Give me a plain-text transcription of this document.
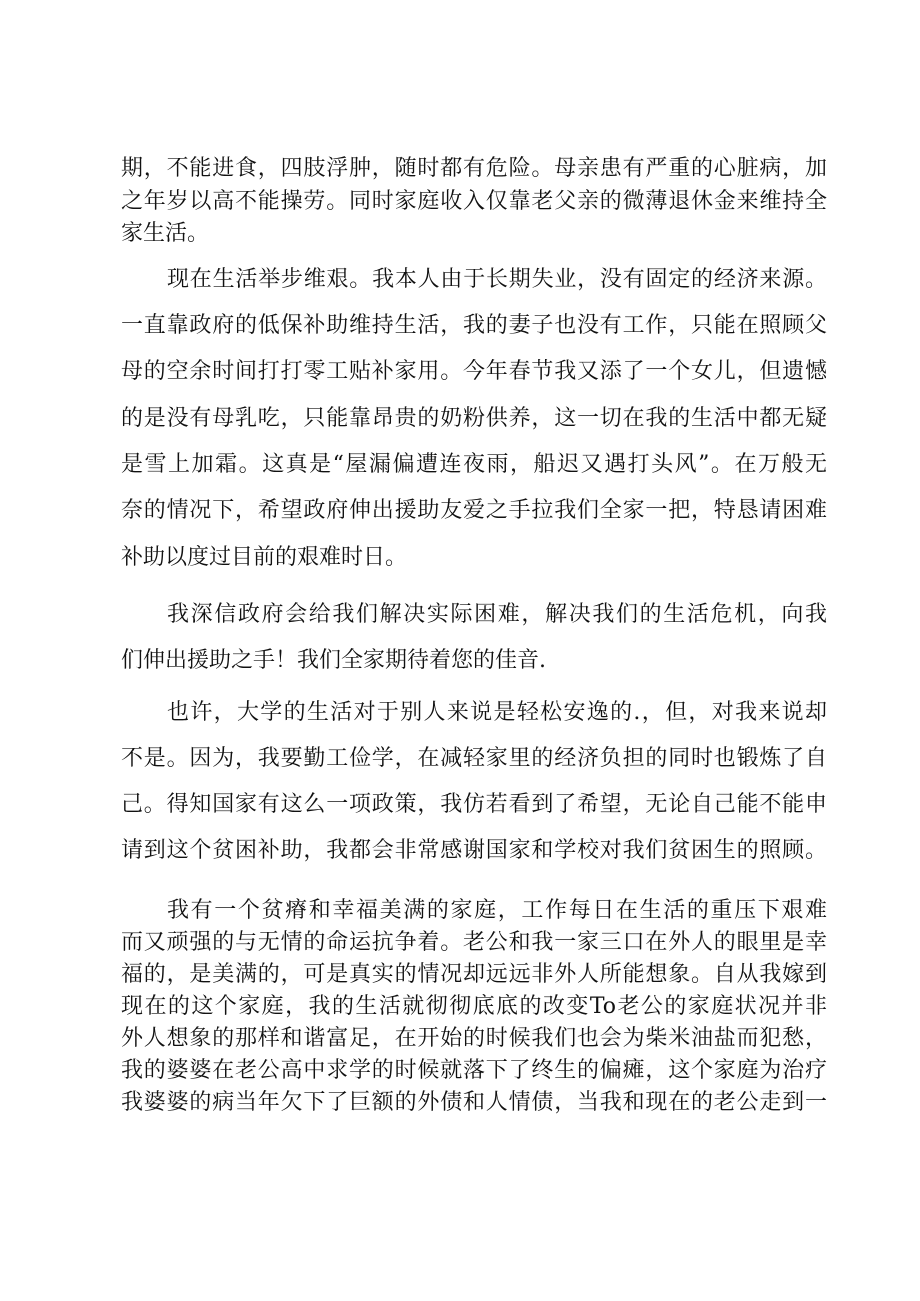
期，不能进食，四肢浮肿，随时都有危险。母亲患有严重的心脏病，加
之年岁以高不能操劳。同时家庭收入仅靠老父亲的微薄退休金来维持全
家生活。
现在生活举步维艰。我本人由于长期失业，没有固定的经济来源。
一直靠政府的低保补助维持生活，我的妻子也没有工作，只能在照顾父
母的空余时间打打零工贴补家用。今年春节我又添了一个女儿，但遗憾
的是没有母乳吃，只能靠昂贵的奶粉供养，这一切在我的生活中都无疑
是雪上加霜。这真是“屋漏偏遭连夜雨，船迟又遇打头风”。在万般无
奈的情况下，希望政府伸出援助友爱之手拉我们全家一把，特恳请困难
补助以度过目前的艰难时日。
我深信政府会给我们解决实际困难，解决我们的生活危机，向我
们伸出援助之手！我们全家期待着您的佳音.
也许，大学的生活对于别人来说是轻松安逸的.，但，对我来说却
不是。因为，我要勤工俭学，在减轻家里的经济负担的同时也锻炼了自
己。得知国家有这么一项政策，我仿若看到了希望，无论自己能不能申
请到这个贫困补助，我都会非常感谢国家和学校对我们贫困生的照顾。
我有一个贫瘠和幸福美满的家庭，工作每日在生活的重压下艰难
而又顽强的与无情的命运抗争着。老公和我一家三口在外人的眼里是幸
福的，是美满的，可是真实的情况却远远非外人所能想象。自从我嫁到
现在的这个家庭，我的生活就彻彻底底的改变To老公的家庭状况并非
外人想象的那样和谐富足，在开始的时候我们也会为柴米油盐而犯愁，
我的婆婆在老公高中求学的时候就落下了终生的偏瘫，这个家庭为治疗
我婆婆的病当年欠下了巨额的外债和人情债，当我和现在的老公走到一
